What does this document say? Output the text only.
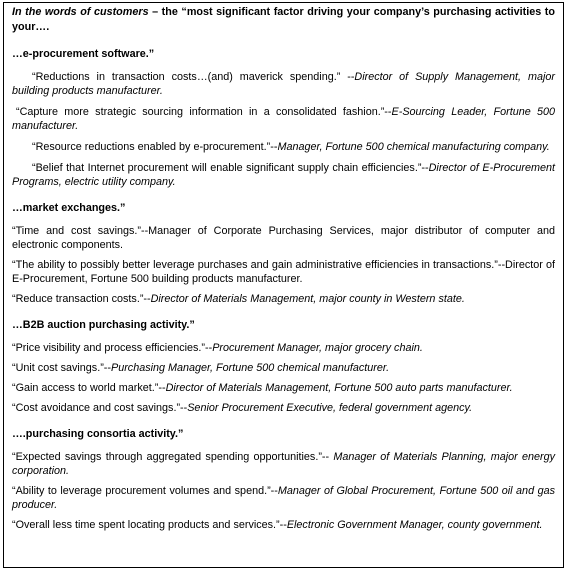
In the words of customers – the “most significant factor driving your company’s purchasing activities to your….
…e-procurement software.”
“Reductions in transaction costs…(and) maverick spending.” --Director of Supply Management, major building products manufacturer.
“Capture more strategic sourcing information in a consolidated fashion.”--E-Sourcing Leader, Fortune 500 manufacturer.
“Resource reductions enabled by e-procurement.”--Manager, Fortune 500 chemical manufacturing company.
“Belief that Internet procurement will enable significant supply chain efficiencies.”--Director of E-Procurement Programs, electric utility company.
…market exchanges.”
“Time and cost savings.”--Manager of Corporate Purchasing Services, major distributor of computer and electronic components.
“The ability to possibly better leverage purchases and gain administrative efficiencies in transactions.”--Director of E-Procurement, Fortune 500 building products manufacturer.
“Reduce transaction costs.”--Director of Materials Management, major county in Western state.
…B2B auction purchasing activity.”
“Price visibility and process efficiencies.”--Procurement Manager, major grocery chain.
“Unit cost savings.”--Purchasing Manager, Fortune 500 chemical manufacturer.
“Gain access to world market.”--Director of Materials Management, Fortune 500 auto parts manufacturer.
“Cost avoidance and cost savings.”--Senior Procurement Executive, federal government agency.
….purchasing consortia activity.”
“Expected savings through aggregated spending opportunities.”-- Manager of Materials Planning, major energy corporation.
“Ability to leverage procurement volumes and spend.”--Manager of Global Procurement, Fortune 500 oil and gas producer.
“Overall less time spent locating products and services.”--Electronic Government Manager, county government.
